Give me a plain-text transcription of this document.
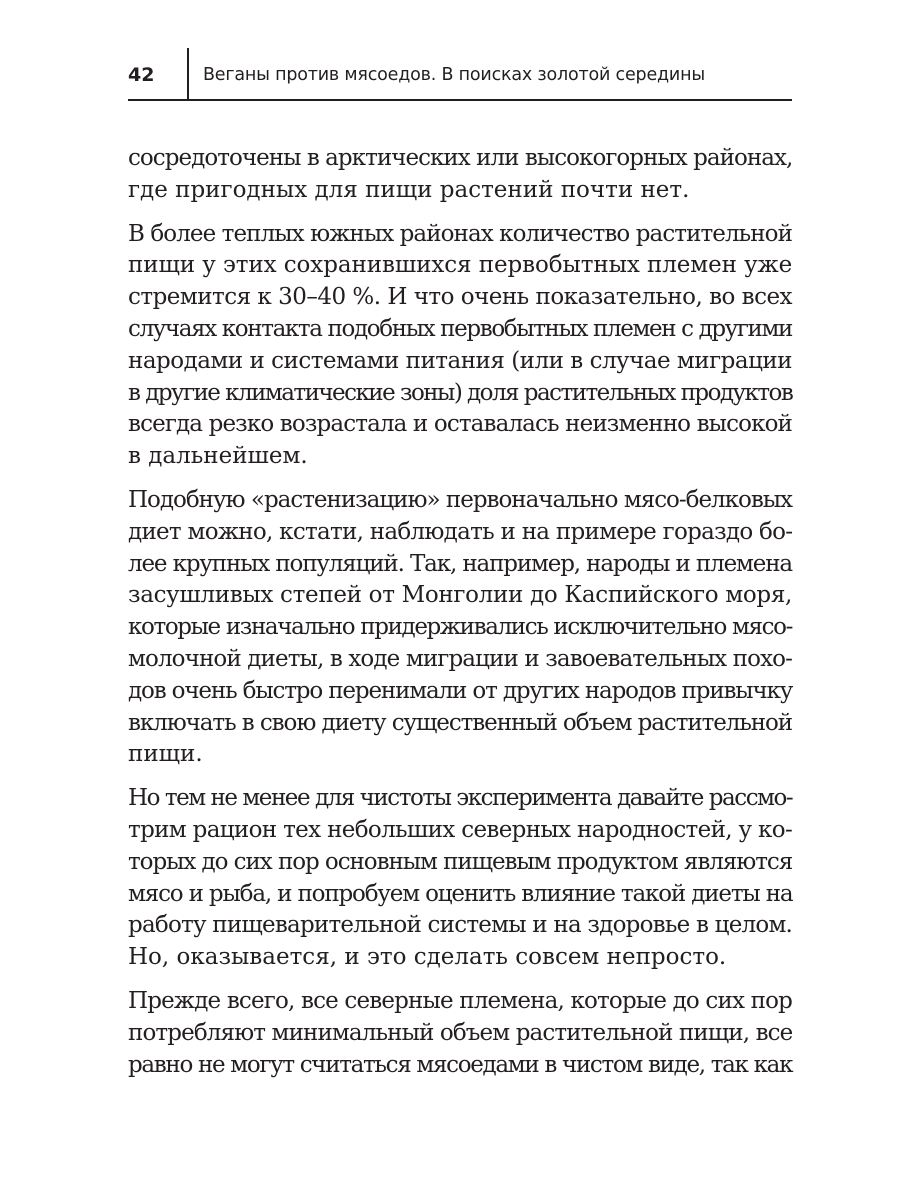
42	Веганы против мясоедов. В поисках золотой середины
сосредоточены в арктических или высокогорных районах,
где пригодных для пищи растений почти нет.
В более теплых южных районах количество растительной
пищи у этих сохранившихся первобытных племен уже
стремится к 30–40 %. И что очень показательно, во всех
случаях контакта подобных первобытных племен с другими
народами и системами питания (или в случае миграции
в другие климатические зоны) доля растительных продуктов
всегда резко возрастала и оставалась неизменно высокой
в дальнейшем.
Подобную «растенизацию» первоначально мясо-белковых
диет можно, кстати, наблюдать и на примере гораздо бо-
лее крупных популяций. Так, например, народы и племена
засушливых степей от Монголии до Каспийского моря,
которые изначально придерживались исключительно мясо-
молочной диеты, в ходе миграции и завоевательных похо-
дов очень быстро перенимали от других народов привычку
включать в свою диету существенный объем растительной
пищи.
Но тем не менее для чистоты эксперимента давайте рассмо-
трим рацион тех небольших северных народностей, у ко-
торых до сих пор основным пищевым продуктом являются
мясо и рыба, и попробуем оценить влияние такой диеты на
работу пищеварительной системы и на здоровье в целом.
Но, оказывается, и это сделать совсем непросто.
Прежде всего, все северные племена, которые до сих пор
потребляют минимальный объем растительной пищи, все
равно не могут считаться мясоедами в чистом виде, так как
